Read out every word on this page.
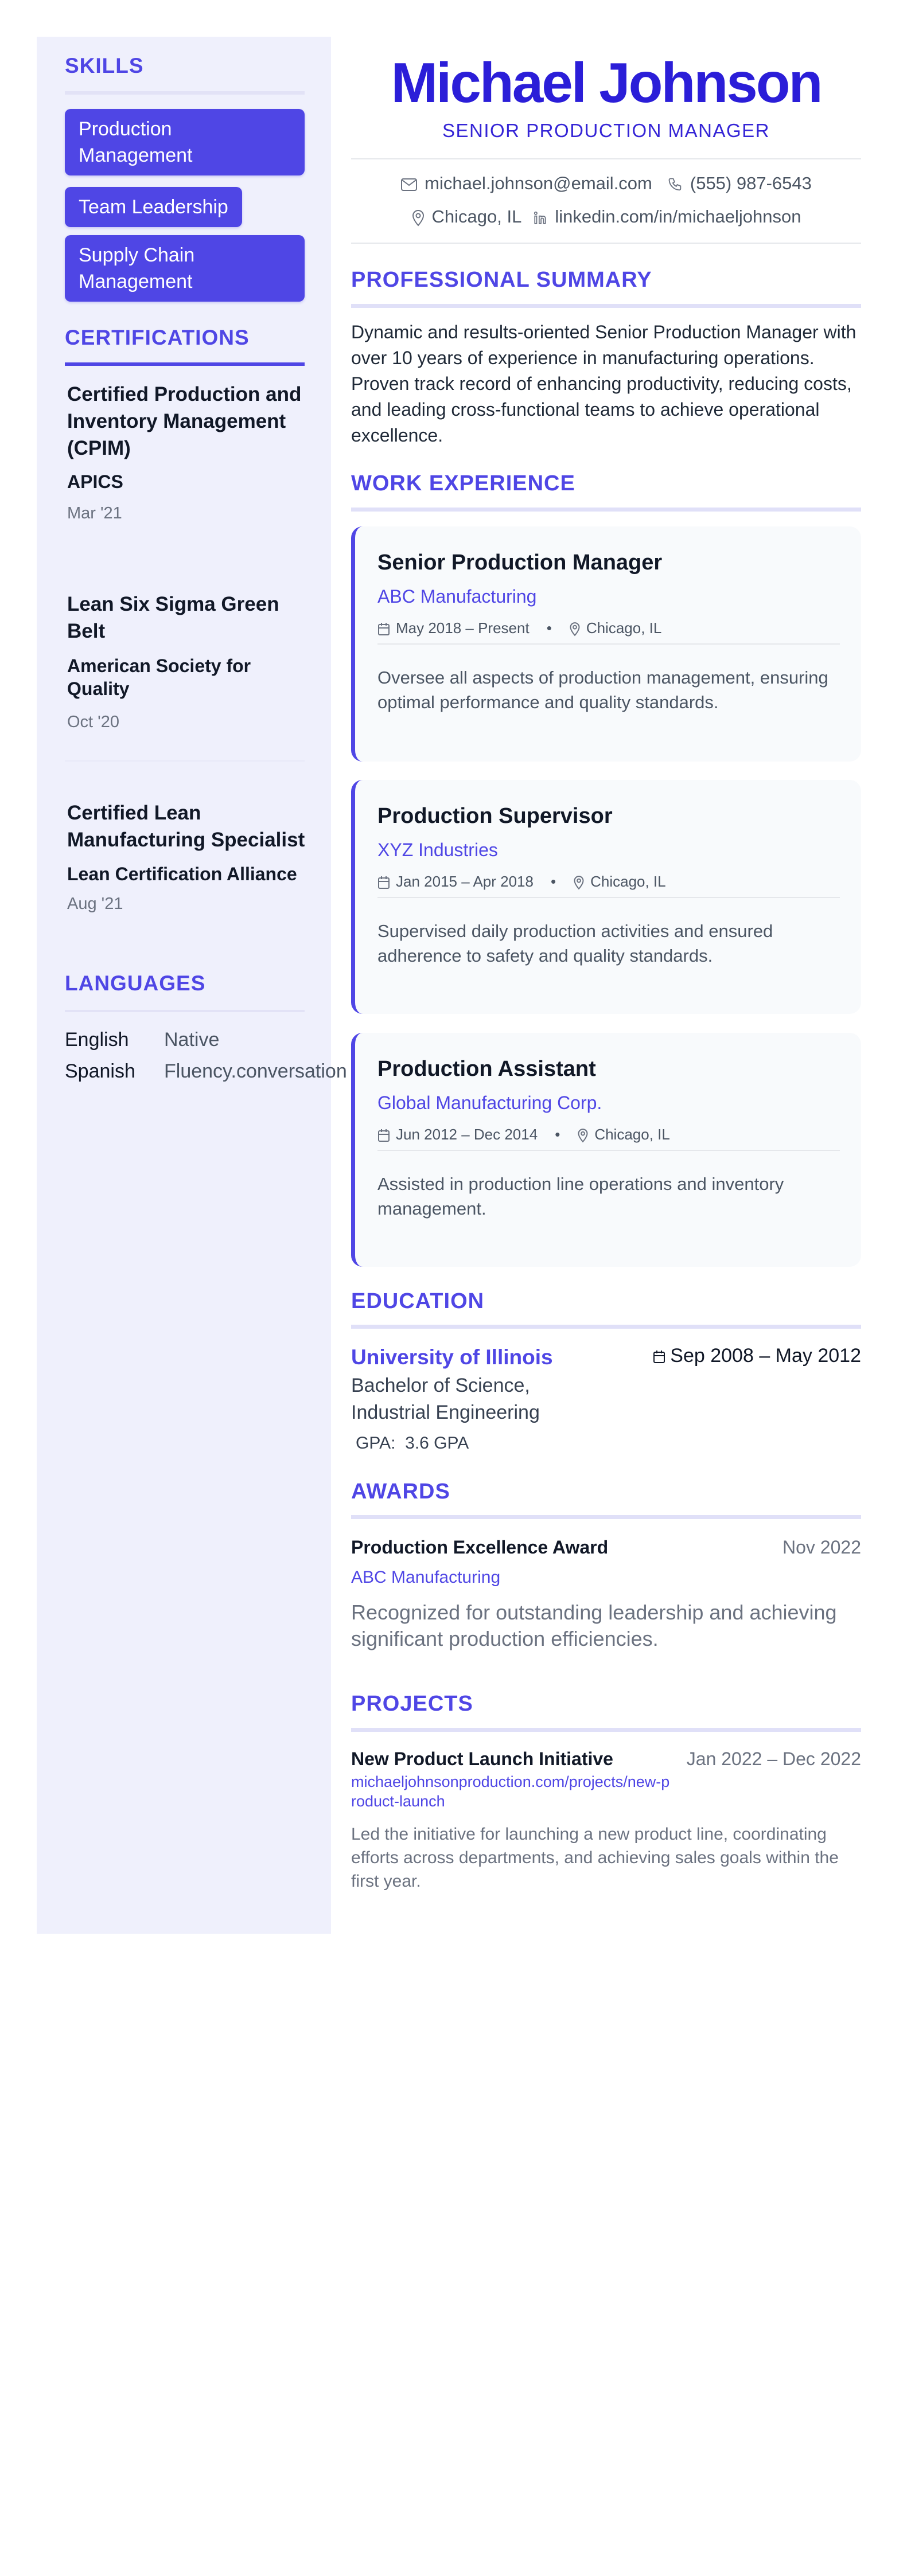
SKILLS
Production Management
Team Leadership
Supply Chain Management
CERTIFICATIONS
Certified Production and Inventory Management (CPIM)
APICS
Mar '21
Lean Six Sigma Green Belt
American Society for Quality
Oct '20
Certified Lean Manufacturing Specialist
Lean Certification Alliance
Aug '21
LANGUAGES
English Native
Spanish Fluency.conversation
Michael Johnson
SENIOR PRODUCTION MANAGER
michael.johnson@email.com (555) 987-6543
Chicago, IL linkedin.com/in/michaeljohnson
PROFESSIONAL SUMMARY
Dynamic and results-oriented Senior Production Manager with over 10 years of experience in manufacturing operations. Proven track record of enhancing productivity, reducing costs, and leading cross-functional teams to achieve operational excellence.
WORK EXPERIENCE
Senior Production Manager
ABC Manufacturing
May 2018 – Present • Chicago, IL
Oversee all aspects of production management, ensuring optimal performance and quality standards.
Production Supervisor
XYZ Industries
Jan 2015 – Apr 2018 • Chicago, IL
Supervised daily production activities and ensured adherence to safety and quality standards.
Production Assistant
Global Manufacturing Corp.
Jun 2012 – Dec 2014 • Chicago, IL
Assisted in production line operations and inventory management.
EDUCATION
University of Illinois	Sep 2008 – May 2012
Bachelor of Science, Industrial Engineering
GPA: 3.6 GPA
AWARDS
Production Excellence Award	Nov 2022
ABC Manufacturing
Recognized for outstanding leadership and achieving significant production efficiencies.
PROJECTS
New Product Launch Initiative	Jan 2022 – Dec 2022
michaeljohnsonproduction.com/projects/new-product-launch
Led the initiative for launching a new product line, coordinating efforts across departments, and achieving sales goals within the first year.
